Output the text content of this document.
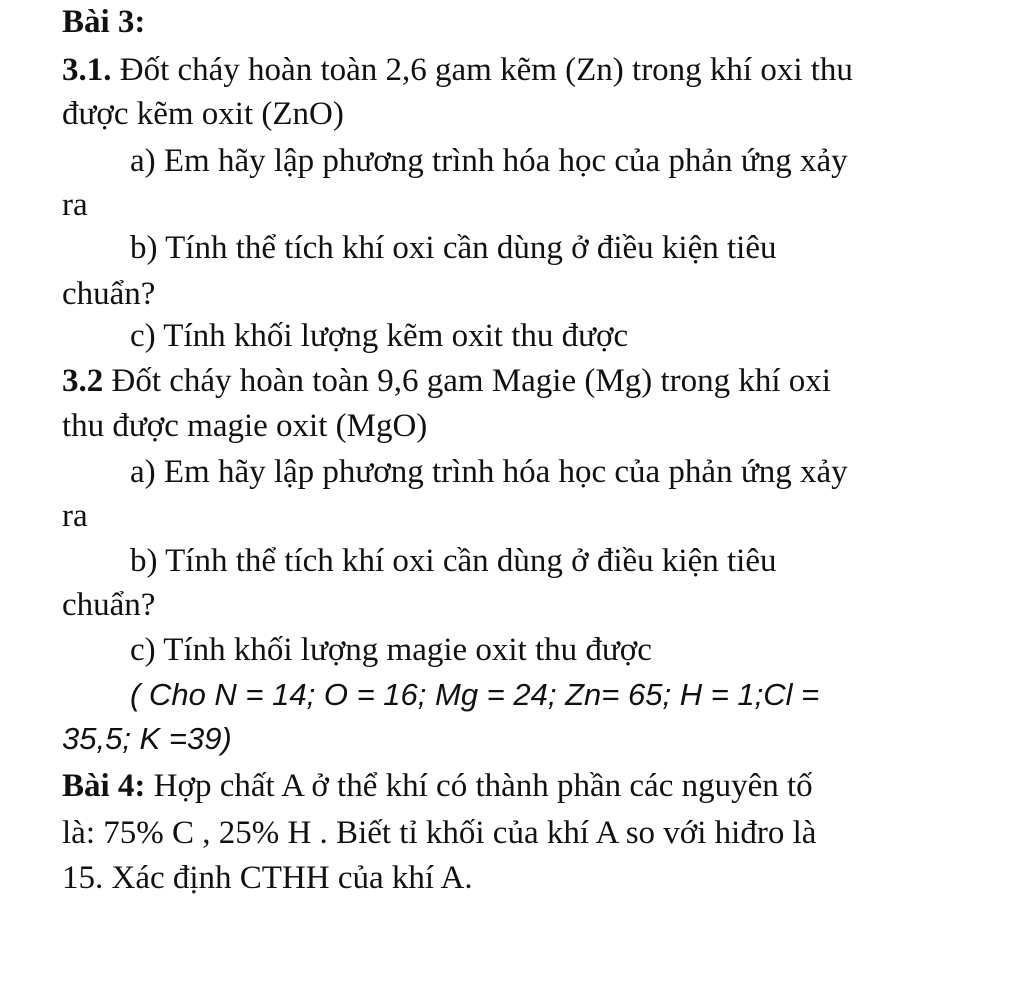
Bài 3:
3.1. Đốt cháy hoàn toàn 2,6 gam kẽm (Zn) trong khí oxi thu
được kẽm oxit (ZnO)
a) Em hãy lập phương trình hóa học của phản ứng xảy
ra
b) Tính thể tích khí oxi cần dùng ở điều kiện tiêu
chuẩn?
c) Tính khối lượng kẽm oxit thu được
3.2 Đốt cháy hoàn toàn 9,6 gam Magie (Mg) trong khí oxi
thu được magie oxit (MgO)
a) Em hãy lập phương trình hóa học của phản ứng xảy
ra
b) Tính thể tích khí oxi cần dùng ở điều kiện tiêu
chuẩn?
c) Tính khối lượng magie oxit thu được
( Cho N = 14; O = 16; Mg = 24; Zn= 65; H = 1;Cl =
35,5; K =39)
Bài 4: Hợp chất A ở thể khí có thành phần các nguyên tố
là: 75% C , 25% H . Biết tỉ khối của khí A so với hiđro là
15. Xác định CTHH của khí A.
